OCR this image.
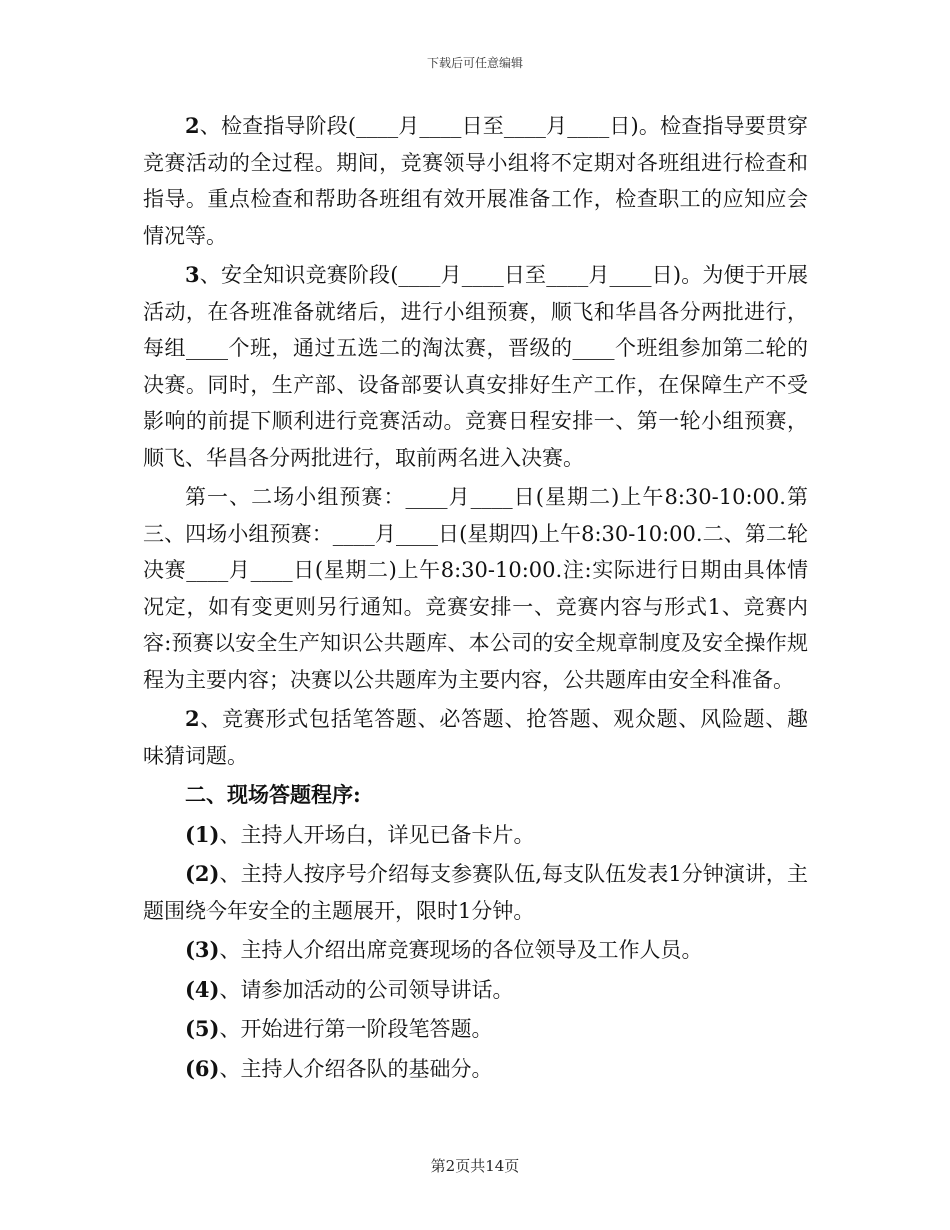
下载后可任意编辑

2、检查指导阶段(____月____日至____月____日)。检查指导要贯穿竞赛活动的全过程。期间，竞赛领导小组将不定期对各班组进行检查和指导。重点检查和帮助各班组有效开展准备工作，检查职工的应知应会情况等。

3、安全知识竞赛阶段(____月____日至____月____日)。为便于开展活动，在各班准备就绪后，进行小组预赛，顺飞和华昌各分两批进行，每组____个班，通过五选二的淘汰赛，晋级的____个班组参加第二轮的决赛。同时，生产部、设备部要认真安排好生产工作，在保障生产不受影响的前提下顺利进行竞赛活动。竞赛日程安排一、第一轮小组预赛，顺飞、华昌各分两批进行，取前两名进入决赛。

第一、二场小组预赛：____月____日(星期二)上午8:30-10:00.第三、四场小组预赛：____月____日(星期四)上午8:30-10:00.二、第二轮决赛____月____日(星期二)上午8:30-10:00.注:实际进行日期由具体情况定，如有变更则另行通知。竞赛安排一、竞赛内容与形式1、竞赛内容:预赛以安全生产知识公共题库、本公司的安全规章制度及安全操作规程为主要内容；决赛以公共题库为主要内容，公共题库由安全科准备。

2、竞赛形式包括笔答题、必答题、抢答题、观众题、风险题、趣味猜词题。

二、现场答题程序:

(1)、主持人开场白，详见已备卡片。

(2)、主持人按序号介绍每支参赛队伍,每支队伍发表1分钟演讲，主题围绕今年安全的主题展开，限时1分钟。

(3)、主持人介绍出席竞赛现场的各位领导及工作人员。

(4)、请参加活动的公司领导讲话。

(5)、开始进行第一阶段笔答题。

(6)、主持人介绍各队的基础分。

第2页共14页
